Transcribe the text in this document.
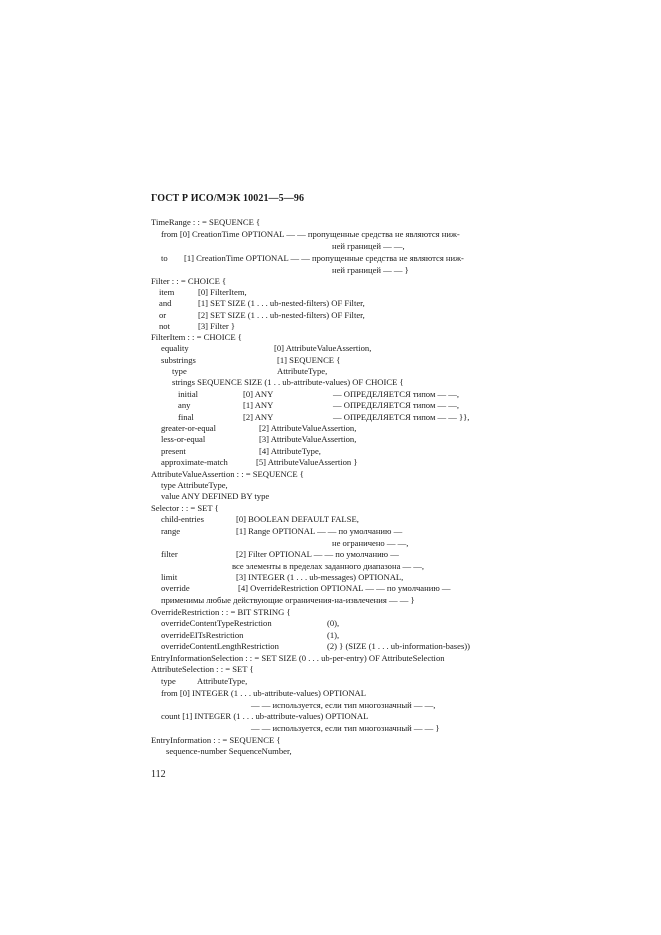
ГОСТ Р ИСО/МЭК 10021—5—96
TimeRange : : = SEQUENCE {
from [0] CreationTime OPTIONAL — — пропущенные средства не являются ниж-
ней границей — —,
to [1] CreationTime OPTIONAL — — пропущенные средства не являются ниж-
ней границей — — }
Filter : : = CHOICE {
item	[0] FilterItem,
and	[1] SET SIZE (1 . . . ub-nested-filters) OF Filter,
or	[2] SET SIZE (1 . . . ub-nested-filters) OF Filter,
not	[3] Filter }
FilterItem : : = CHOICE {
equality	[0] AttributeValueAssertion,
substrings	[1] SEQUENCE {
type	AttributeType,
strings SEQUENCE SIZE (1 . . ub-attribute-values) OF CHOICE {
initial	[0] ANY	— ОПРЕДЕЛЯЕТСЯ типом — —,
any	[1] ANY	— ОПРЕДЕЛЯЕТСЯ типом — —,
final	[2] ANY	— ОПРЕДЕЛЯЕТСЯ типом — — }},
greater-or-equal	[2] AttributeValueAssertion,
less-or-equal	[3] AttributeValueAssertion,
present	[4] AttributeType,
approximate-match	[5] AttributeValueAssertion }
AttributeValueAssertion : : = SEQUENCE {
type AttributeType,
value ANY DEFINED BY type
Selector : : = SET {
child-entries	[0] BOOLEAN DEFAULT FALSE,
range	[1] Range OPTIONAL — — по умолчанию —
не ограничено — —,
filter	[2] Filter OPTIONAL — — по умолчанию —
все элементы в пределах заданного диапазона — —,
limit	[3] INTEGER (1 . . . ub-messages) OPTIONAL,
override	[4] OverrideRestriction OPTIONAL — — по умолчанию —
применимы любые действующие ограничения-на-извлечения — — }
OverrideRestriction : : = BIT STRING {
overrideContentTypeRestriction	(0),
overrideEITsRestriction	(1),
overrideContentLengthRestriction	(2) } (SIZE (1 . . . ub-information-bases))
EntryInformationSelection : : = SET SIZE (0 . . . ub-per-entry) OF AttributeSelection
AttributeSelection : : = SET {
type AttributeType,
from [0] INTEGER (1 . . . ub-attribute-values) OPTIONAL
— — используется, если тип многозначный — —,
count [1] INTEGER (1 . . . ub-attribute-values) OPTIONAL
— — используется, если тип многозначный — — }
EntryInformation : : = SEQUENCE {
sequence-number SequenceNumber,
112
